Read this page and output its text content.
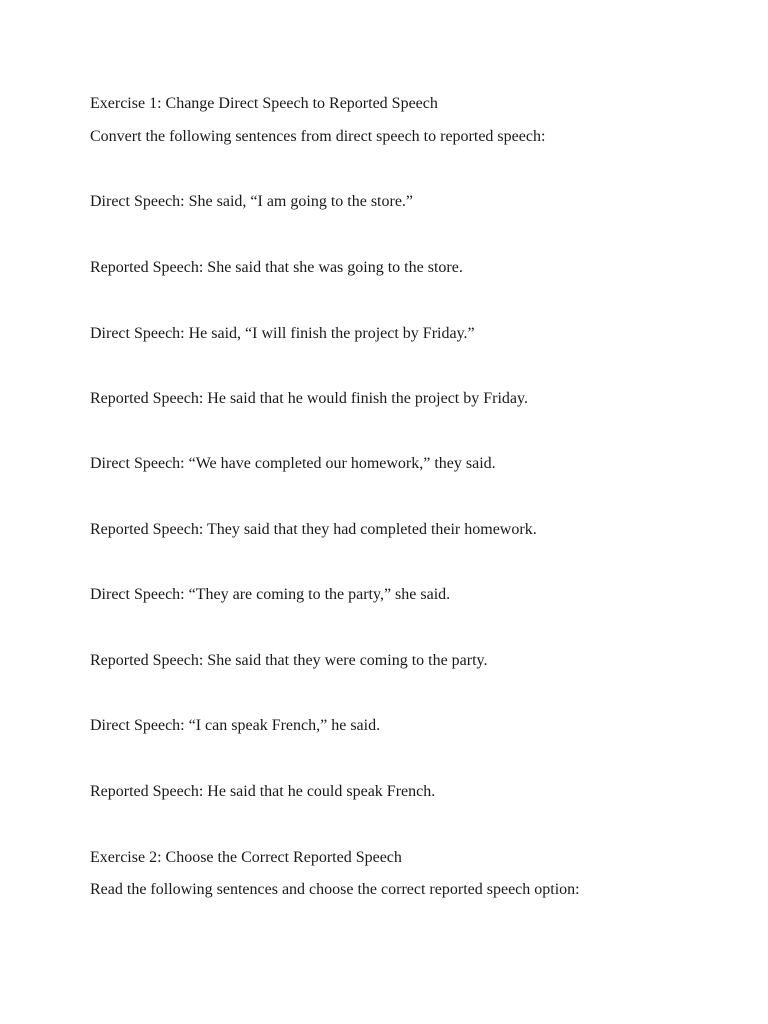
Exercise 1: Change Direct Speech to Reported Speech

Convert the following sentences from direct speech to reported speech:

Direct Speech: She said, “I am going to the store.”

Reported Speech: She said that she was going to the store.

Direct Speech: He said, “I will finish the project by Friday.”

Reported Speech: He said that he would finish the project by Friday.

Direct Speech: “We have completed our homework,” they said.

Reported Speech: They said that they had completed their homework.

Direct Speech: “They are coming to the party,” she said.

Reported Speech: She said that they were coming to the party.

Direct Speech: “I can speak French,” he said.

Reported Speech: He said that he could speak French.

Exercise 2: Choose the Correct Reported Speech

Read the following sentences and choose the correct reported speech option:
